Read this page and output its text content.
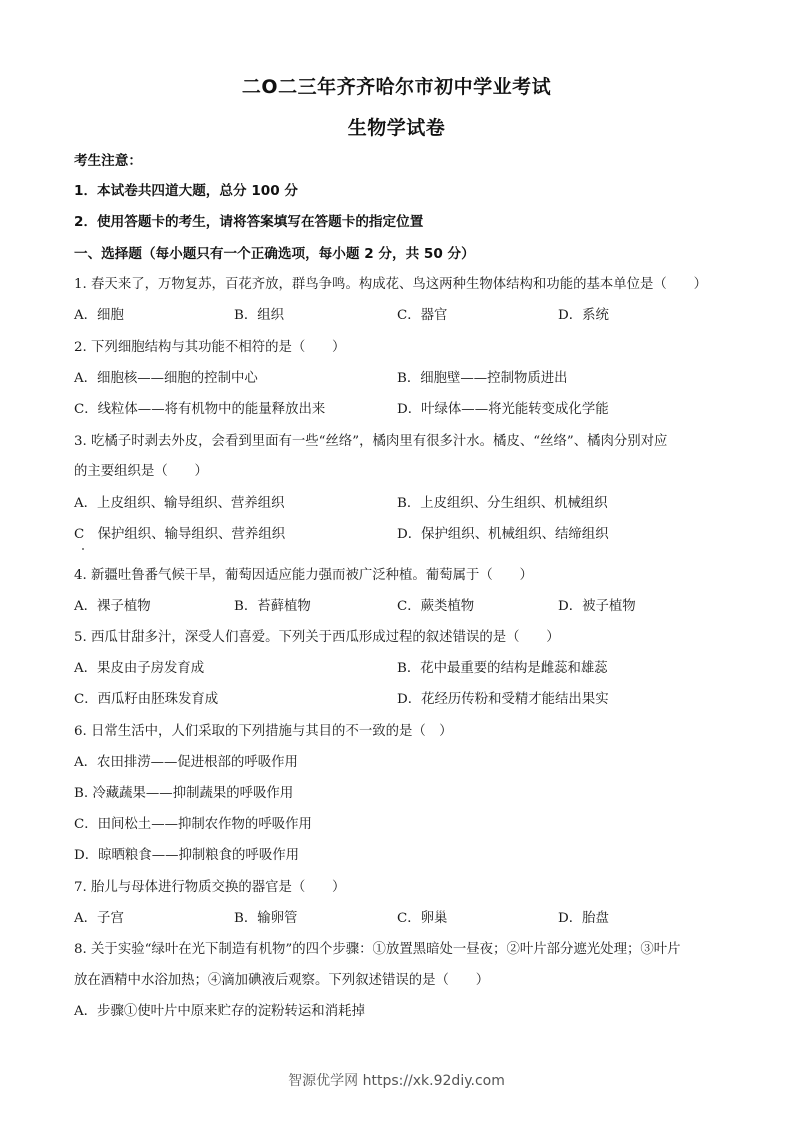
二O二三年齐齐哈尔市初中学业考试
生物学试卷
考生注意：
1．本试卷共四道大题，总分 100 分
2．使用答题卡的考生，请将答案填写在答题卡的指定位置
一、选择题（每小题只有一个正确选项，每小题 2 分，共 50 分）
1. 春天来了，万物复苏，百花齐放，群鸟争鸣。构成花、鸟这两种生物体结构和功能的基本单位是（　　）
A．细胞	B．组织	C．器官	D．系统
2. 下列细胞结构与其功能不相符的是（　　）
A．细胞核——细胞的控制中心	B．细胞壁——控制物质进出
C．线粒体——将有机物中的能量释放出来	D．叶绿体——将光能转变成化学能
3. 吃橘子时剥去外皮，会看到里面有一些“丝络”，橘肉里有很多汁水。橘皮、“丝络”、橘肉分别对应
的主要组织是（　　）
A．上皮组织、输导组织、营养组织	B．上皮组织、分生组织、机械组织
C　保护组织、输导组织、营养组织	D．保护组织、机械组织、结缔组织
4. 新疆吐鲁番气候干旱，葡萄因适应能力强而被广泛种植。葡萄属于（　　）
A．裸子植物	B．苔藓植物	C．蕨类植物	D．被子植物
5. 西瓜甘甜多汁，深受人们喜爱。下列关于西瓜形成过程的叙述错误的是（　　）
A．果皮由子房发育成	B．花中最重要的结构是雌蕊和雄蕊
C．西瓜籽由胚珠发育成	D．花经历传粉和受精才能结出果实
6. 日常生活中，人们采取的下列措施与其目的不一致的是（　）
A．农田排涝——促进根部的呼吸作用
B. 冷藏蔬果——抑制蔬果的呼吸作用
C．田间松土——抑制农作物的呼吸作用
D．晾晒粮食——抑制粮食的呼吸作用
7. 胎儿与母体进行物质交换的器官是（　　）
A．子宫	B．输卵管	C．卵巢	D．胎盘
8. 关于实验“绿叶在光下制造有机物”的四个步骤：①放置黑暗处一昼夜；②叶片部分遮光处理；③叶片
放在酒精中水浴加热；④滴加碘液后观察。下列叙述错误的是（　　）
A．步骤①使叶片中原来贮存的淀粉转运和消耗掉
智源优学网 https://xk.92diy.com
